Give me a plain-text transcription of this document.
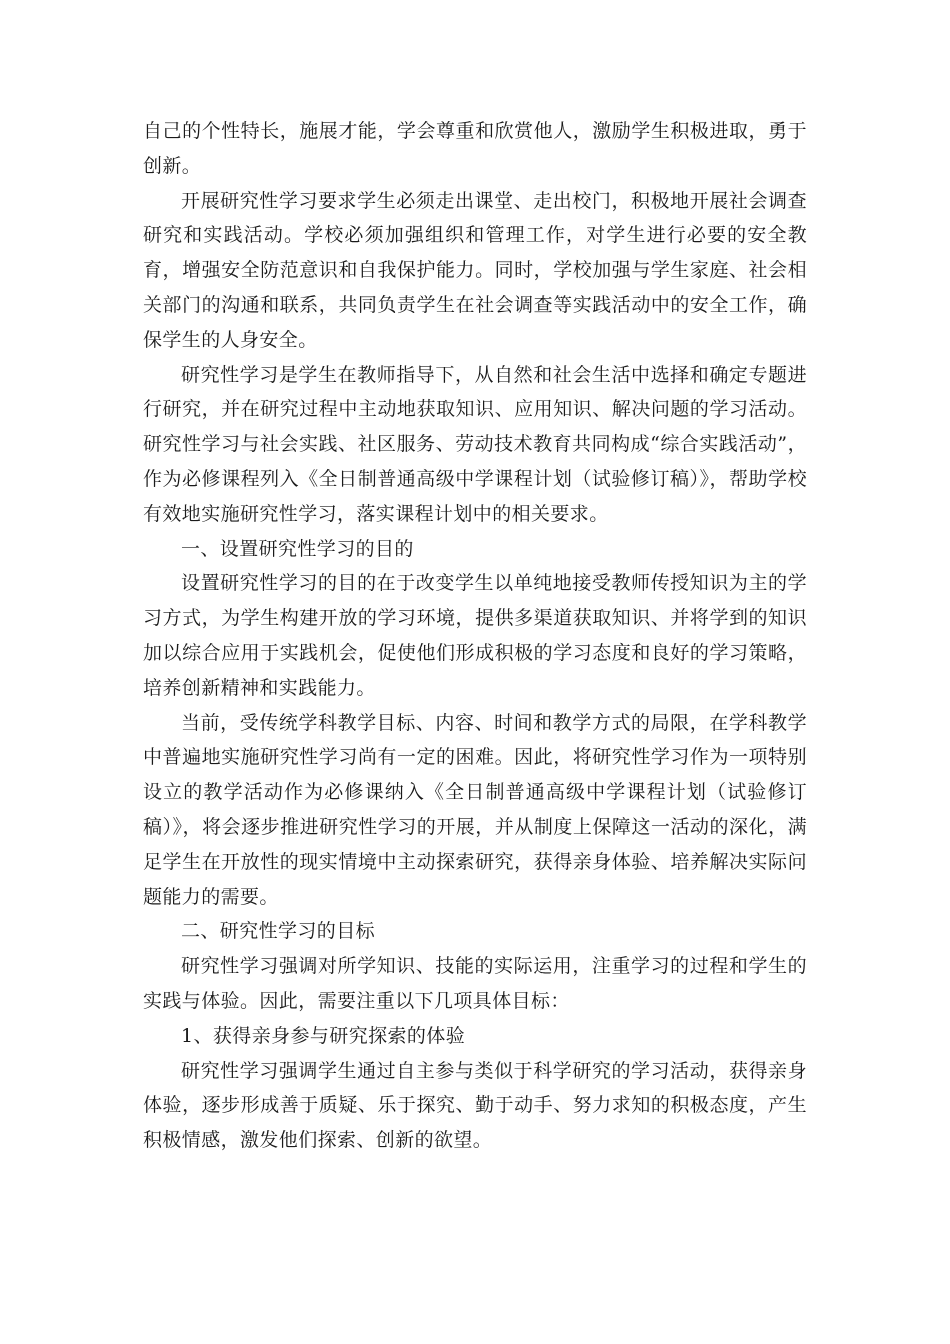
自己的个性特长，施展才能，学会尊重和欣赏他人，激励学生积极进取，勇于创新。

开展研究性学习要求学生必须走出课堂、走出校门，积极地开展社会调查研究和实践活动。学校必须加强组织和管理工作，对学生进行必要的安全教育，增强安全防范意识和自我保护能力。同时，学校加强与学生家庭、社会相关部门的沟通和联系，共同负责学生在社会调查等实践活动中的安全工作，确保学生的人身安全。

研究性学习是学生在教师指导下，从自然和社会生活中选择和确定专题进行研究，并在研究过程中主动地获取知识、应用知识、解决问题的学习活动。研究性学习与社会实践、社区服务、劳动技术教育共同构成“综合实践活动”，作为必修课程列入《全日制普通高级中学课程计划（试验修订稿）》，帮助学校有效地实施研究性学习，落实课程计划中的相关要求。

一、设置研究性学习的目的

设置研究性学习的目的在于改变学生以单纯地接受教师传授知识为主的学习方式，为学生构建开放的学习环境，提供多渠道获取知识、并将学到的知识加以综合应用于实践机会，促使他们形成积极的学习态度和良好的学习策略，培养创新精神和实践能力。

当前，受传统学科教学目标、内容、时间和教学方式的局限，在学科教学中普遍地实施研究性学习尚有一定的困难。因此，将研究性学习作为一项特别设立的教学活动作为必修课纳入《全日制普通高级中学课程计划（试验修订稿）》，将会逐步推进研究性学习的开展，并从制度上保障这一活动的深化，满足学生在开放性的现实情境中主动探索研究，获得亲身体验、培养解决实际问题能力的需要。

二、研究性学习的目标

研究性学习强调对所学知识、技能的实际运用，注重学习的过程和学生的实践与体验。因此，需要注重以下几项具体目标：

1、获得亲身参与研究探索的体验

研究性学习强调学生通过自主参与类似于科学研究的学习活动，获得亲身体验，逐步形成善于质疑、乐于探究、勤于动手、努力求知的积极态度，产生积极情感，激发他们探索、创新的欲望。
